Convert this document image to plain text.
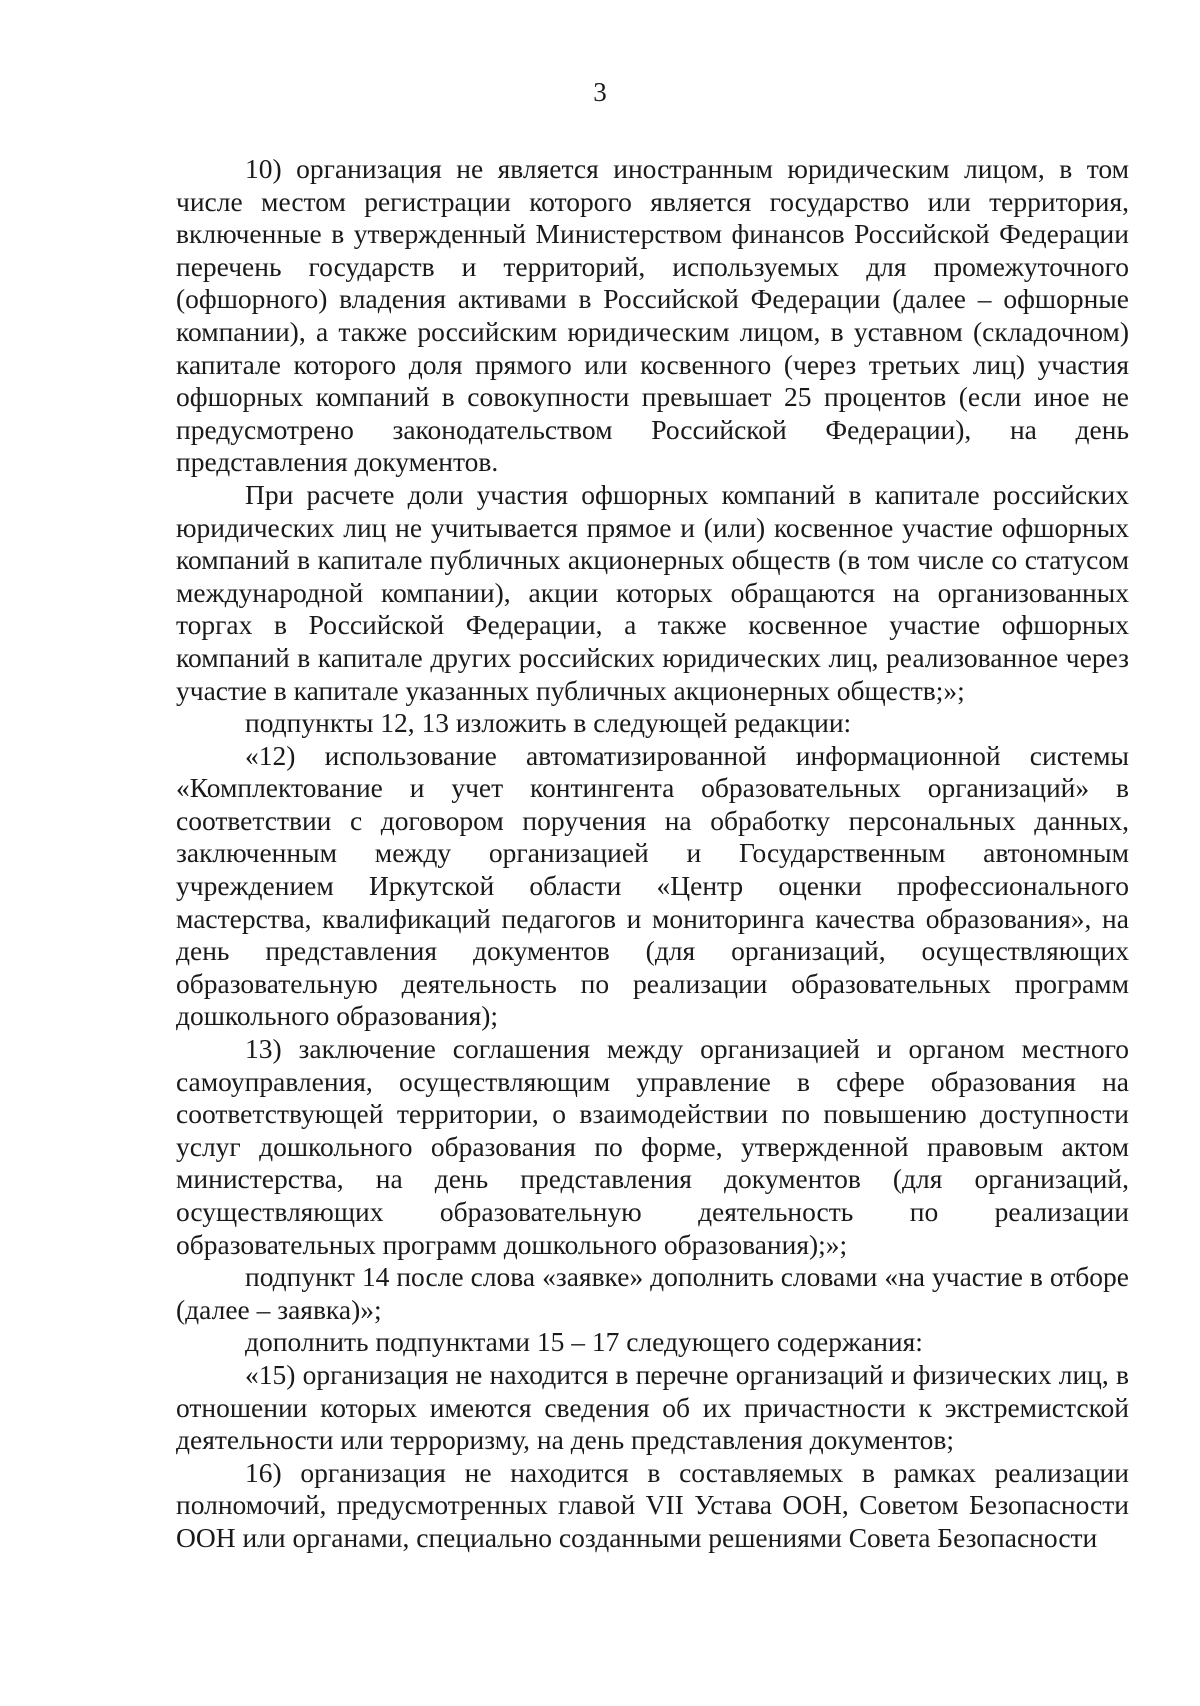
3

10) организация не является иностранным юридическим лицом, в том числе местом регистрации которого является государство или территория, включенные в утвержденный Министерством финансов Российской Федерации перечень государств и территорий, используемых для промежуточного (офшорного) владения активами в Российской Федерации (далее – офшорные компании), а также российским юридическим лицом, в уставном (складочном) капитале которого доля прямого или косвенного (через третьих лиц) участия офшорных компаний в совокупности превышает 25 процентов (если иное не предусмотрено законодательством Российской Федерации), на день представления документов.

При расчете доли участия офшорных компаний в капитале российских юридических лиц не учитывается прямое и (или) косвенное участие офшорных компаний в капитале публичных акционерных обществ (в том числе со статусом международной компании), акции которых обращаются на организованных торгах в Российской Федерации, а также косвенное участие офшорных компаний в капитале других российских юридических лиц, реализованное через участие в капитале указанных публичных акционерных обществ;»;

подпункты 12, 13 изложить в следующей редакции:

«12) использование автоматизированной информационной системы «Комплектование и учет контингента образовательных организаций» в соответствии с договором поручения на обработку персональных данных, заключенным между организацией и Государственным автономным учреждением Иркутской области «Центр оценки профессионального мастерства, квалификаций педагогов и мониторинга качества образования», на день представления документов (для организаций, осуществляющих образовательную деятельность по реализации образовательных программ дошкольного образования);

13) заключение соглашения между организацией и органом местного самоуправления, осуществляющим управление в сфере образования на соответствующей территории, о взаимодействии по повышению доступности услуг дошкольного образования по форме, утвержденной правовым актом министерства, на день представления документов (для организаций, осуществляющих образовательную деятельность по реализации образовательных программ дошкольного образования);»;

подпункт 14 после слова «заявке» дополнить словами «на участие в отборе (далее – заявка)»;

дополнить подпунктами 15 – 17 следующего содержания:

«15) организация не находится в перечне организаций и физических лиц, в отношении которых имеются сведения об их причастности к экстремистской деятельности или терроризму, на день представления документов;

16) организация не находится в составляемых в рамках реализации полномочий, предусмотренных главой VII Устава ООН, Советом Безопасности ООН или органами, специально созданными решениями Совета Безопасности
